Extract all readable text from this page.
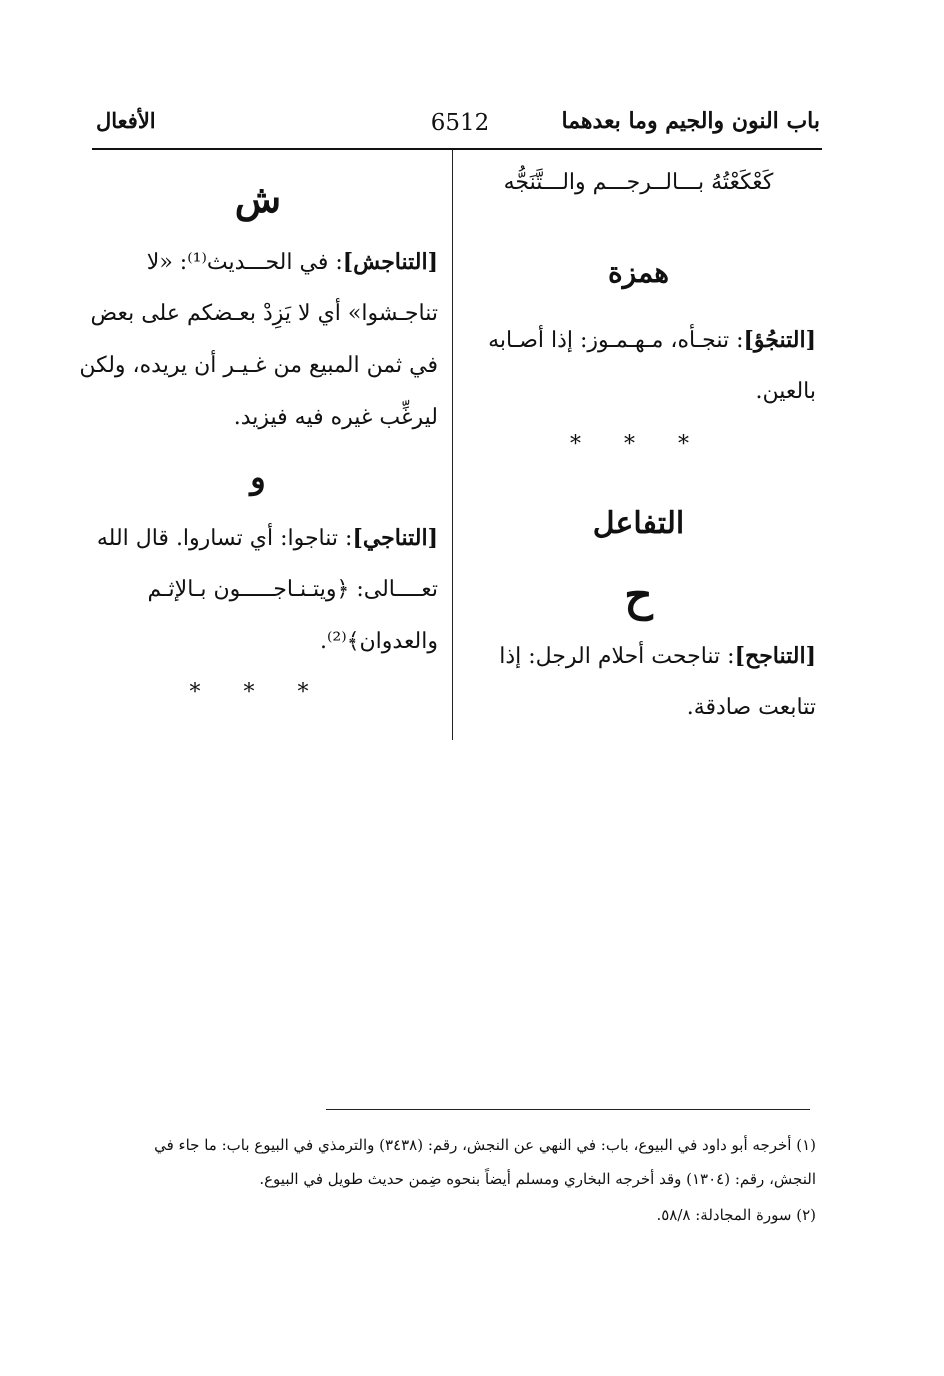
باب النون والجيم وما بعدهما
6512
الأفعال
كَعْكَعْتُهُ بـــالــرجـــم والـــتَّنَجُّه
همزة
[التنجُؤ]: تنجـأه، مـهـمـوز: إذا أصـابه
بالعين.
* * *
التفاعل
ح
[التناجح]: تناجحت أحلام الرجل: إذا
تتابعت صادقة.
ش
[التناجش]: في الحـــديث⁽¹⁾: «لا
تناجـشوا» أي لا يَزِدْ بعـضكم على بعض
في ثمن المبيع من غـيـر أن يريده، ولكن
ليرغِّب غيره فيه فيزيد.
و
[التناجي]: تناجوا: أي تساروا. قال الله
تعــــالى: ﴿ويتـنـاجـــــون بـالإثـم
والعدوان﴾⁽²⁾.
* * *
(١) أخرجه أبو داود في البيوع، باب: في النهي عن النجش، رقم: (٣٤٣٨) والترمذي في البيوع باب: ما جاء في
النجش، رقم: (١٣٠٤) وقد أخرجه البخاري ومسلم أيضاً بنحوه ضِمن حديث طويل في البيوع.
(٢) سورة المجادلة: ٥٨/٨.
